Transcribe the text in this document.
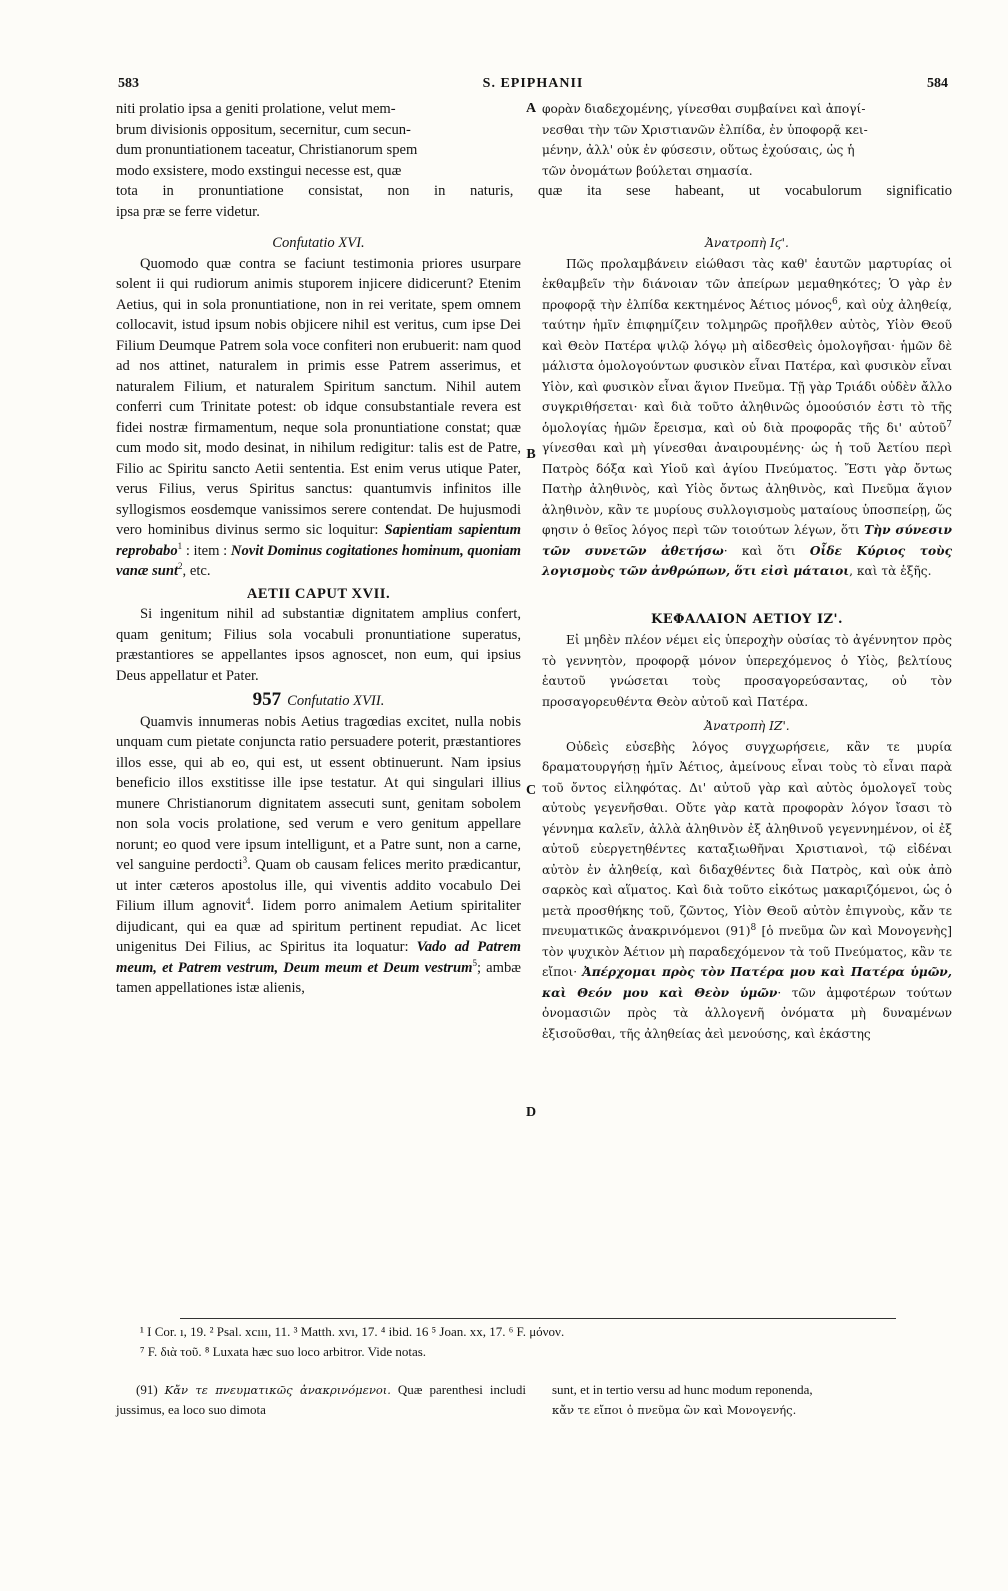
583	S. EPIPHANII	584

niti prolatio ipsa a geniti prolatione, velut mem-

brum divisionis oppositum, secernitur, cum secun-

dum pronuntiationem taceatur, Christianorum spem

modo exsistere, modo exstingui necesse est, quæ

A φορὰν διαδεχομένης, γίνεσθαι συμβαίνει καὶ ἀπογί-

νεσθαι τὴν τῶν Χριστιανῶν ἐλπίδα, ἐν ὑποφορᾷ κει-

μένην, ἀλλ' οὐκ ἐν φύσεσιν, οὕτως ἐχούσαις, ὡς ἡ

τῶν ὀνομάτων βούλεται σημασία.

tota in pronuntiatione consistat, non in naturis, quæ ita sese habeant, ut vocabulorum significatio

ipsa præ se ferre videtur.

Confutatio XVI.

Quomodo quæ contra se faciunt testimonia priores usurpare solent ii qui rudiorum animis stuporem injicere didicerunt? Etenim Aetius, qui in sola pronuntiatione, non in rei veritate, spem omnem collocavit, istud ipsum nobis objicere nihil est veritus, cum ipse Dei Filium Deumque Patrem sola voce confiteri non erubuerit: nam quod ad nos attinet, naturalem in primis esse Patrem asserimus, et naturalem Filium, et naturalem Spiritum sanctum. Nihil autem conferri cum Trinitate potest: ob idque consubstantiale revera est fidei nostræ firmamentum, neque sola pronuntiatione constat; quæ cum modo sit, modo desinat, in nihilum redigitur: talis est de Patre, Filio ac Spiritu sancto Aetii sententia. Est enim verus utique Pater, verus Filius, verus Spiritus sanctus: quantumvis infinitos ille syllogismos eosdemque vanissimos serere contendat. De hujusmodi vero hominibus divinus sermo sic loquitur: Sapientiam sapientum reprobabo$^1$ : item : Novit Dominus cogitationes hominum, quoniam vanæ sunt$^2$, etc.

AETII CAPUT XVII.

Si ingenitum nihil ad substantiæ dignitatem amplius confert, quam genitum; Filius sola vocabuli pronuntiatione superatus, præstantiores se appellantes ipsos agnoscet, non eum, qui ipsius Deus appellatur et Pater.

957 Confutatio XVII.

Quamvis innumeras nobis Aetius tragœdias excitet, nulla nobis unquam cum pietate conjuncta ratio persuadere poterit, præstantiores illos esse, qui ab eo, qui est, ut essent obtinuerunt. Nam ipsius beneficio illos exstitisse ille ipse testatur. At qui singulari illius munere Christianorum dignitatem assecuti sunt, genitam sobolem non sola vocis prolatione, sed verum e vero genitum appellare norunt; eo quod vere ipsum intelligunt, et a Patre sunt, non a carne, vel sanguine perdocti$^3$. Quam ob causam felices merito prædicantur, ut inter cæteros apostolus ille, qui viventis addito vocabulo Dei Filium illum agnovit$^4$. Iidem porro animalem Aetium spiritaliter dijudicant, qui ea quæ ad spiritum pertinent repudiat. Ac licet unigenitus Dei Filius, ac Spiritus ita loquatur: Vado ad Patrem meum, et Patrem vestrum, Deum meum et Deum vestrum$^5$; ambæ tamen appellationes istæ alienis,

B
C
D

Ἀνατροπὴ Ιϛ'.

Πῶς προλαμβάνειν εἰώθασι τὰς καθ' ἑαυτῶν μαρτυρίας οἱ ἐκθαμβεῖν τὴν διάνοιαν τῶν ἀπείρων μεμαθηκότες; Ὁ γὰρ ἐν προφορᾷ τὴν ἐλπίδα κεκτημένος Ἀέτιος μόνος$^6$, καὶ οὐχ ἀληθείᾳ, ταύτην ἡμῖν ἐπιφημίζειν τολμηρῶς προῆλθεν αὐτὸς, Υἱὸν Θεοῦ καὶ Θεὸν Πατέρα ψιλῷ λόγῳ μὴ αἰδεσθεὶς ὁμολογῆσαι· ἡμῶν δὲ μάλιστα ὁμολογούντων φυσικὸν εἶναι Πατέρα, καὶ φυσικὸν εἶναι Υἱὸν, καὶ φυσικὸν εἶναι ἅγιον Πνεῦμα. Τῇ γὰρ Τριάδι οὐδὲν ἄλλο συγκριθήσεται· καὶ διὰ τοῦτο ἀληθινῶς ὁμοούσιόν ἐστι τὸ τῆς ὁμολογίας ἡμῶν ἔρεισμα, καὶ οὐ διὰ προφορᾶς τῆς δι' αὐτοῦ$^7$ γίνεσθαι καὶ μὴ γίνεσθαι ἀναιρουμένης· ὡς ἡ τοῦ Ἀετίου περὶ Πατρὸς δόξα καὶ Υἱοῦ καὶ ἁγίου Πνεύματος. Ἔστι γὰρ ὄντως Πατὴρ ἀληθινὸς, καὶ Υἱὸς ὄντως ἀληθινὸς, καὶ Πνεῦμα ἅγιον ἀληθινὸν, κἂν τε μυρίους συλλογισμοὺς ματαίους ὑποσπείρῃ, ὥς φησιν ὁ θεῖος λόγος περὶ τῶν τοιούτων λέγων, ὅτι Τὴν σύνεσιν τῶν συνετῶν ἀθετήσω· καὶ ὅτι Οἶδε Κύριος τοὺς λογισμοὺς τῶν ἀνθρώπων, ὅτι εἰσὶ μάταιοι, καὶ τὰ ἑξῆς.

ΚΕΦΑΛΑΙΟΝ ΑΕΤΙΟΥ ΙΖ'.

Εἰ μηδὲν πλέον νέμει εἰς ὑπεροχὴν οὐσίας τὸ ἀγέννητον πρὸς τὸ γεννητὸν, προφορᾷ μόνον ὑπερεχόμενος ὁ Υἱὸς, βελτίους ἑαυτοῦ γνώσεται τοὺς προσαγορεύσαντας, οὐ τὸν προσαγορευθέντα Θεὸν αὐτοῦ καὶ Πατέρα.

Ἀνατροπὴ ΙΖ'.

Οὐδεὶς εὐσεβὴς λόγος συγχωρήσειε, κἂν τε μυρία δραματουργήσῃ ἡμῖν Ἀέτιος, ἀμείνους εἶναι τοὺς τὸ εἶναι παρὰ τοῦ ὄντος εἰληφότας. Δι' αὐτοῦ γὰρ καὶ αὐτὸς ὁμολογεῖ τοὺς αὐτοὺς γεγενῆσθαι. Οὔτε γὰρ κατὰ προφορὰν λόγον ἴσασι τὸ γέννημα καλεῖν, ἀλλὰ ἀληθινὸν ἐξ ἀληθινοῦ γεγεννημένον, οἱ ἐξ αὐτοῦ εὐεργετηθέντες καταξιωθῆναι Χριστιανοὶ, τῷ εἰδέναι αὐτὸν ἐν ἀληθείᾳ, καὶ διδαχθέντες διὰ Πατρὸς, καὶ οὐκ ἀπὸ σαρκὸς καὶ αἵματος. Καὶ διὰ τοῦτο εἰκότως μακαριζόμενοι, ὡς ὁ μετὰ προσθήκης τοῦ, ζῶντος, Υἱὸν Θεοῦ αὐτὸν ἐπιγνοὺς, κἄν τε πνευματικῶς ἀνακρινόμενοι $(91)^8$ [ὁ πνεῦμα ὢν καὶ Μονογενὴς] τὸν ψυχικὸν Ἀέτιον μὴ παραδεχόμενον τὰ τοῦ Πνεύματος, κἂν τε εἴποι· Ἀπέρχομαι πρὸς τὸν Πατέρα μου καὶ Πατέρα ὑμῶν, καὶ Θεόν μου καὶ Θεὸν ὑμῶν· τῶν ἀμφοτέρων τούτων ὀνομασιῶν πρὸς τὰ ἀλλογενῆ ὀνόματα μὴ δυναμένων ἐξισοῦσθαι, τῆς ἀληθείας ἀεὶ μενούσης, καὶ ἑκάστης

¹ I Cor. ı, 19. ² Psal. xcııı, 11. ³ Matth. xvı, 17. ⁴ ibid. 16 ⁵ Joan. xx, 17. ⁶ F. μόνον.

⁷ F. διὰ τοῦ. ⁸ Luxata hæc suo loco arbitror. Vide notas.

(91) Κἄν τε πνευματικῶς ἀνακρινόμενοι. Quæ parenthesi includi jussimus, ea loco suo dimota

sunt, et in tertio versu ad hunc modum reponenda,

κἄν τε εἴποι ὁ πνεῦμα ὢν καὶ Μονογενής.
